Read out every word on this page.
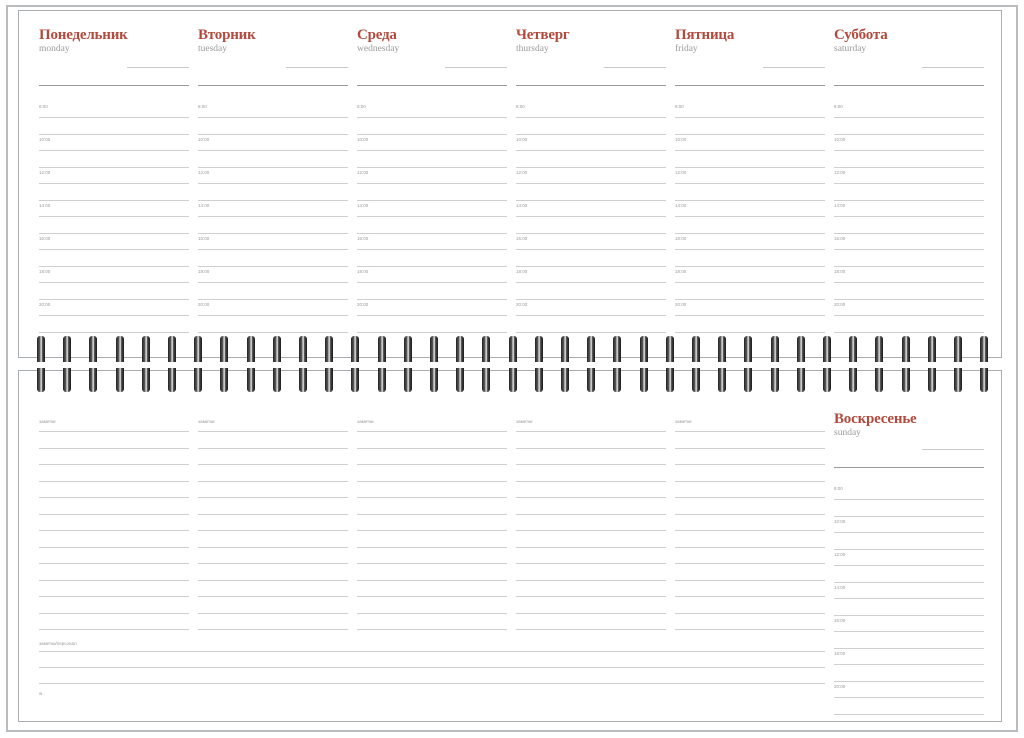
Понедельник
monday
8:00
10:00
12:00
14:00
16:00
18:00
20:00
Вторник
tuesday
8:00
10:00
12:00
14:00
16:00
18:00
20:00
Среда
wednesday
8:00
10:00
12:00
14:00
16:00
18:00
20:00
Четверг
thursday
8:00
10:00
12:00
14:00
16:00
18:00
20:00
Пятница
friday
8:00
10:00
12:00
14:00
16:00
18:00
20:00
Суббота
saturday
8:00
10:00
12:00
14:00
16:00
18:00
20:00
заметки	заметки	заметки	заметки	заметки
заметки/персонал
w
Воскресенье
sunday
8:00
10:00
12:00
14:00
16:00
18:00
20:00
